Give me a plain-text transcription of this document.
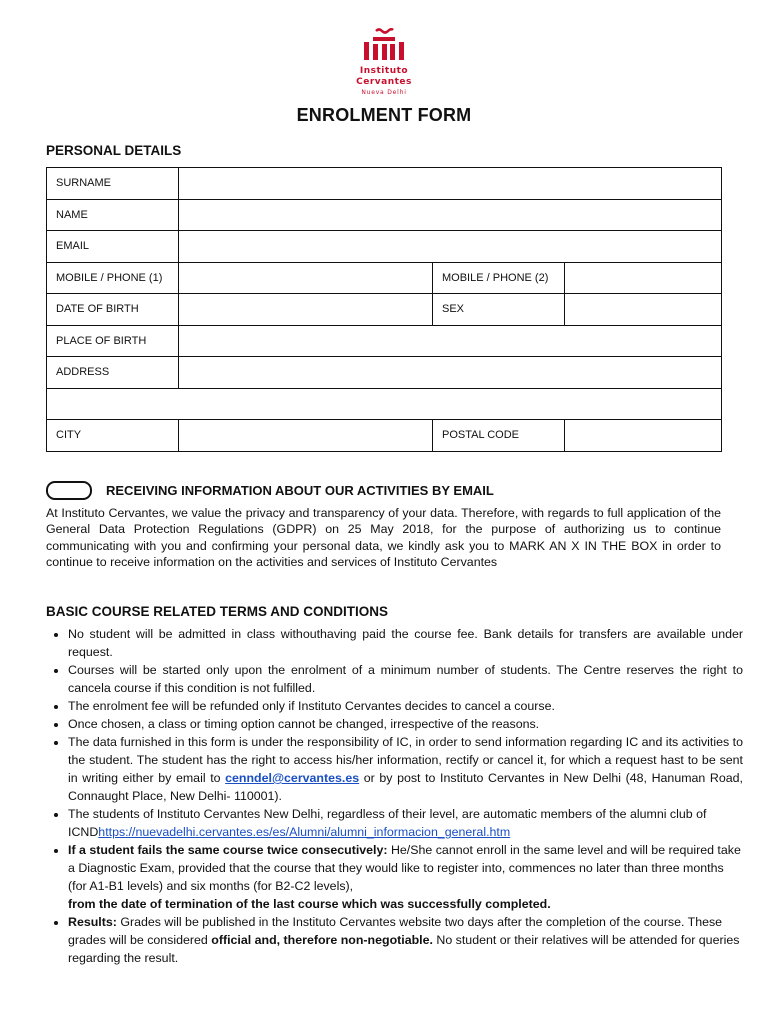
Instituto
Cervantes
Nueva Delhi
ENROLMENT FORM
PERSONAL DETAILS
SURNAME			
NAME			
EMAIL			
MOBILE / PHONE (1)		MOBILE / PHONE (2)	
DATE OF BIRTH		SEX	
PLACE OF BIRTH			
ADDRESS			

CITY		POSTAL CODE	
RECEIVING INFORMATION ABOUT OUR ACTIVITIES BY EMAIL
At Instituto Cervantes, we value the privacy and transparency of your data. Therefore, with regards to full application of the General Data Protection Regulations (GDPR) on 25 May 2018, for the purpose of authorizing us to continue communicating with you and confirming your personal data, we kindly ask you to MARK AN X IN THE BOX in order to continue to receive information on the activities and services of Instituto Cervantes
BASIC COURSE RELATED TERMS AND CONDITIONS
• No student will be admitted in class withouthaving paid the course fee. Bank details for transfers are available under request.
• Courses will be started only upon the enrolment of a minimum number of students. The Centre reserves the right to cancela course if this condition is not fulfilled.
• The enrolment fee will be refunded only if Instituto Cervantes decides to cancel a course.
• Once chosen, a class or timing option cannot be changed, irrespective of the reasons.
• The data furnished in this form is under the responsibility of IC, in order to send information regarding IC and its activities to the student. The student has the right to access his/her information, rectify or cancel it, for which a request hast to be sent in writing either by email to cenndel@cervantes.es or by post to Instituto Cervantes in New Delhi (48, Hanuman Road, Connaught Place, New Delhi- 110001).
• The students of Instituto Cervantes New Delhi, regardless of their level, are automatic members of the alumni club of ICNDhttps://nuevadelhi.cervantes.es/es/Alumni/alumni_informacion_general.htm
• If a student fails the same course twice consecutively: He/She cannot enroll in the same level and will be required take a Diagnostic Exam, provided that the course that they would like to register into, commences no later than three months (for A1-B1 levels) and six months (for B2-C2 levels),
from the date of termination of the last course which was successfully completed.
• Results: Grades will be published in the Instituto Cervantes website two days after the completion of the course. These grades will be considered official and, therefore non-negotiable. No student or their relatives will be attended for queries regarding the result.
